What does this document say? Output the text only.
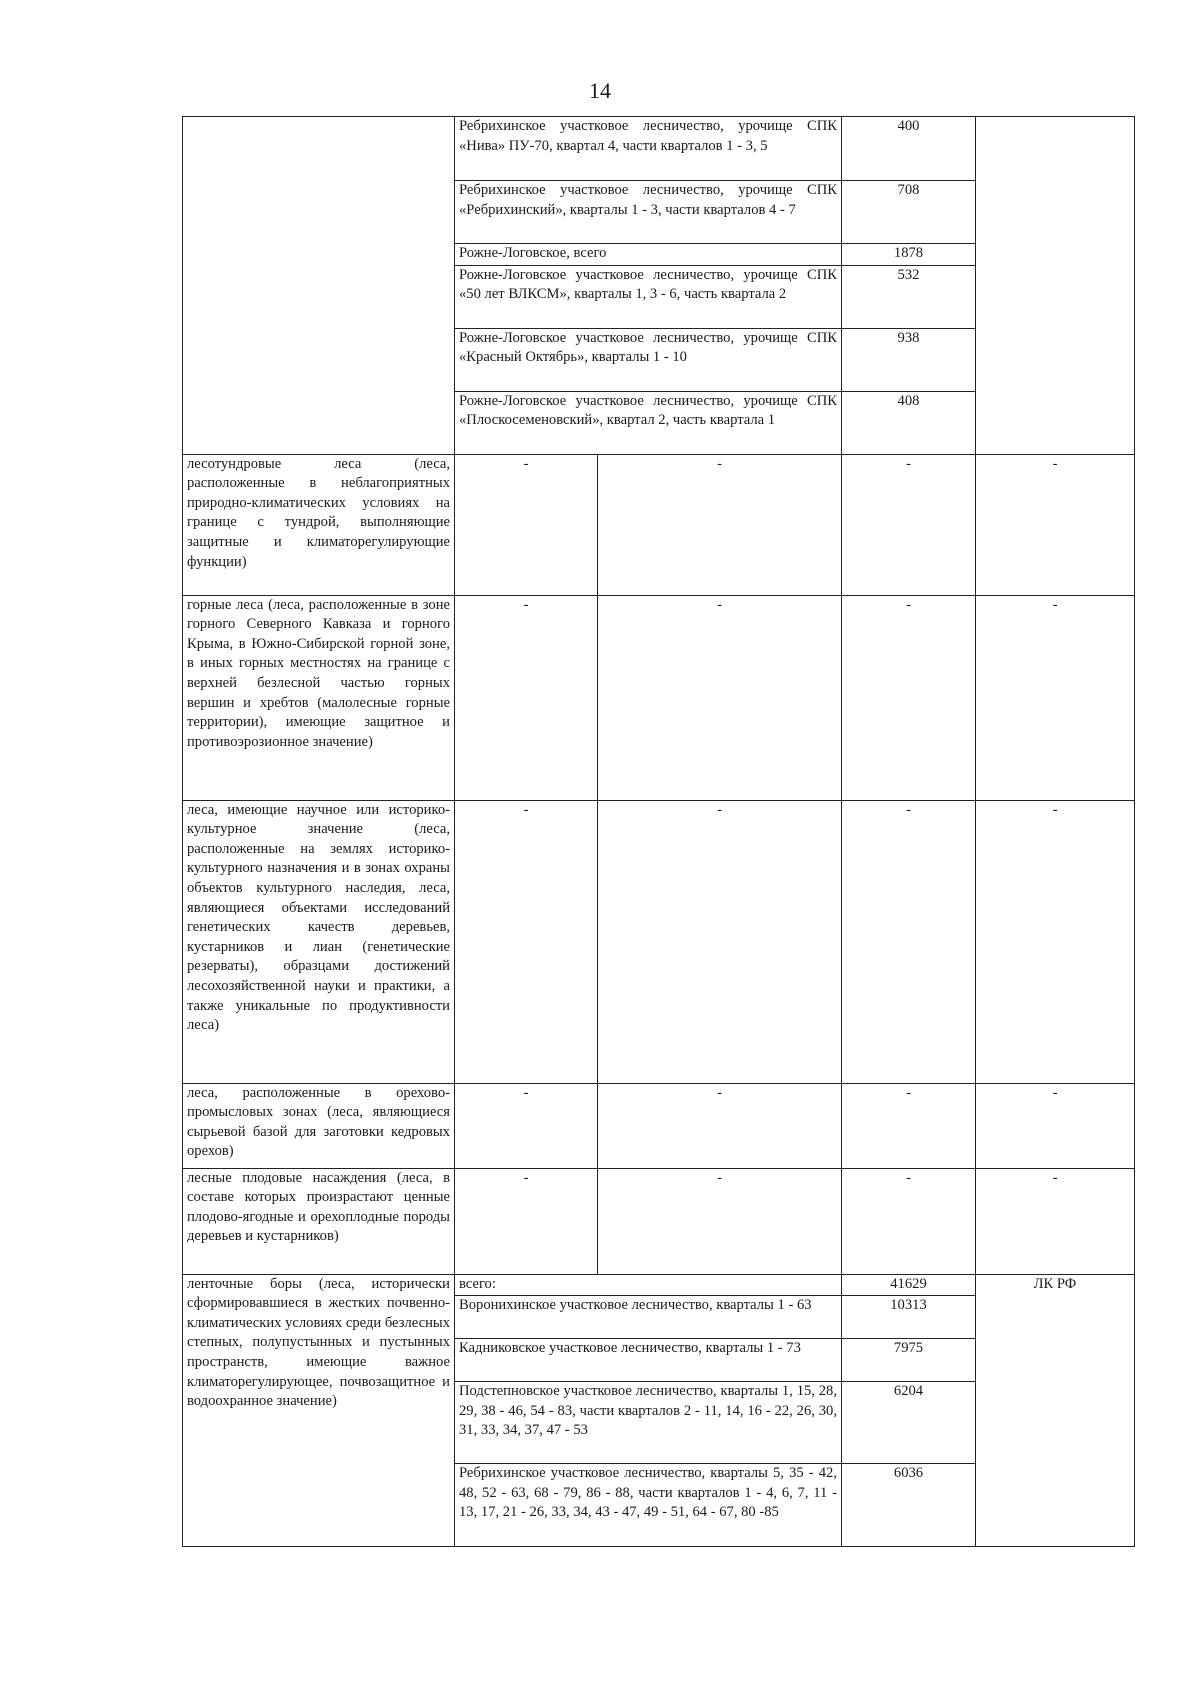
14
	Ребрихинское участковое лесничество, урочище СПК «Нива» ПУ-70, квартал 4, части кварталов 1 - 3, 5		400	
	Ребрихинское участковое лесничество, урочище СПК «Ребрихинский», кварталы 1 - 3, части кварталов 4 - 7		708	
	Рожне-Логовское, всего		1878	
	Рожне-Логовское участковое лесничество, урочище СПК «50 лет ВЛКСМ», кварталы 1, 3 - 6, часть квартала 2		532	
	Рожне-Логовское участковое лесничество, урочище СПК «Красный Октябрь», кварталы 1 - 10		938	
	Рожне-Логовское участковое лесничество, урочище СПК «Плоскосеменовский», квартал 2, часть квартала 1		408	
лесотундровые леса (леса, расположенные в неблагоприятных природно-климатических условиях на границе с тундрой, выполняющие защитные и климаторегулирующие функции)	-	-	-	-
горные леса (леса, расположенные в зоне горного Северного Кавказа и горного Крыма, в Южно-Сибирской горной зоне, в иных горных местностях на границе с верхней безлесной частью горных вершин и хребтов (малолесные горные территории), имеющие защитное и противоэрозионное значение)	-	-	-	-
леса, имеющие научное или историко-культурное значение (леса, расположенные на землях историко-культурного назначения и в зонах охраны объектов культурного наследия, леса, являющиеся объектами исследований генетических качеств деревьев, кустарников и лиан (генетические резерваты), образцами достижений лесохозяйственной науки и практики, а также уникальные по продуктивности леса)	-	-	-	-
леса, расположенные в орехово-промысловых зонах (леса, являющиеся сырьевой базой для заготовки кедровых орехов)	-	-	-	-
лесные плодовые насаждения (леса, в составе которых произрастают ценные плодово-ягодные и орехоплодные породы деревьев и кустарников)	-	-	-	-
ленточные боры (леса, исторически сформировавшиеся в жестких почвенно-климатических условиях среди безлесных степных, полупустынных и пустынных пространств, имеющие важное климаторегулирующее, почвозащитное и водоохранное значение)	всего:		41629	ЛК РФ
	Воронихинское участковое лесничество, кварталы 1 - 63		10313	
	Кадниковское участковое лесничество, кварталы 1 - 73		7975	
	Подстепновское участковое лесничество, кварталы 1, 15, 28, 29, 38 - 46, 54 - 83, части кварталов 2 - 11, 14, 16 - 22, 26, 30, 31, 33, 34, 37, 47 - 53		6204	
	Ребрихинское участковое лесничество, кварталы 5, 35 - 42, 48, 52 - 63, 68 - 79, 86 - 88, части кварталов 1 - 4, 6, 7, 11 - 13, 17, 21 - 26, 33, 34, 43 - 47, 49 - 51, 64 - 67, 80 -85		6036	
